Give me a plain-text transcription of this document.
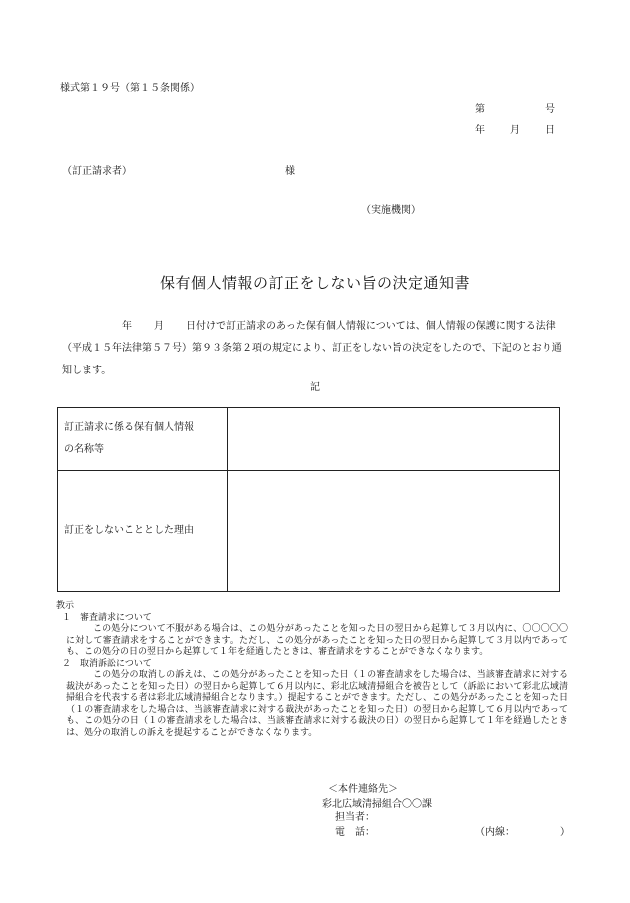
様式第１９号（第１５条関係）
第	号
年	月	日
（訂正請求者）	様
（実施機関）
保有個人情報の訂正をしない旨の決定通知書
年 月 日付けで訂正請求のあった保有個人情報については、個人情報の保護に関する法律（平成１５年法律第５７号）第９３条第２項の規定により、訂正をしない旨の決定をしたので、下記のとおり通知します。
記
訂正請求に係る保有個人情報
の名称等	

訂正をしないこととした理由	

教示
１　審査請求について
この処分について不服がある場合は、この処分があったことを知った日の翌日から起算して３月以内に、〇〇〇〇〇に対して審査請求をすることができます。ただし、この処分があったことを知った日の翌日から起算して３月以内であっても、この処分の日の翌日から起算して１年を経過したときは、審査請求をすることができなくなります。
２　取消訴訟について
この処分の取消しの訴えは、この処分があったことを知った日（１の審査請求をした場合は、当該審査請求に対する裁決があったことを知った日）の翌日から起算して６月以内に、彩北広域清掃組合を被告として（訴訟において彩北広域清掃組合を代表する者は彩北広域清掃組合となります。）提起することができます。ただし、この処分があったことを知った日（１の審査請求をした場合は、当該審査請求に対する裁決があったことを知った日）の翌日から起算して６月以内であっても、この処分の日（１の審査請求をした場合は、当該審査請求に対する裁決の日）の翌日から起算して１年を経過したときは、処分の取消しの訴えを提起することができなくなります。
＜本件連絡先＞
彩北広域清掃組合〇〇課
担当者：
電　話：	（内線：　　　　　）
